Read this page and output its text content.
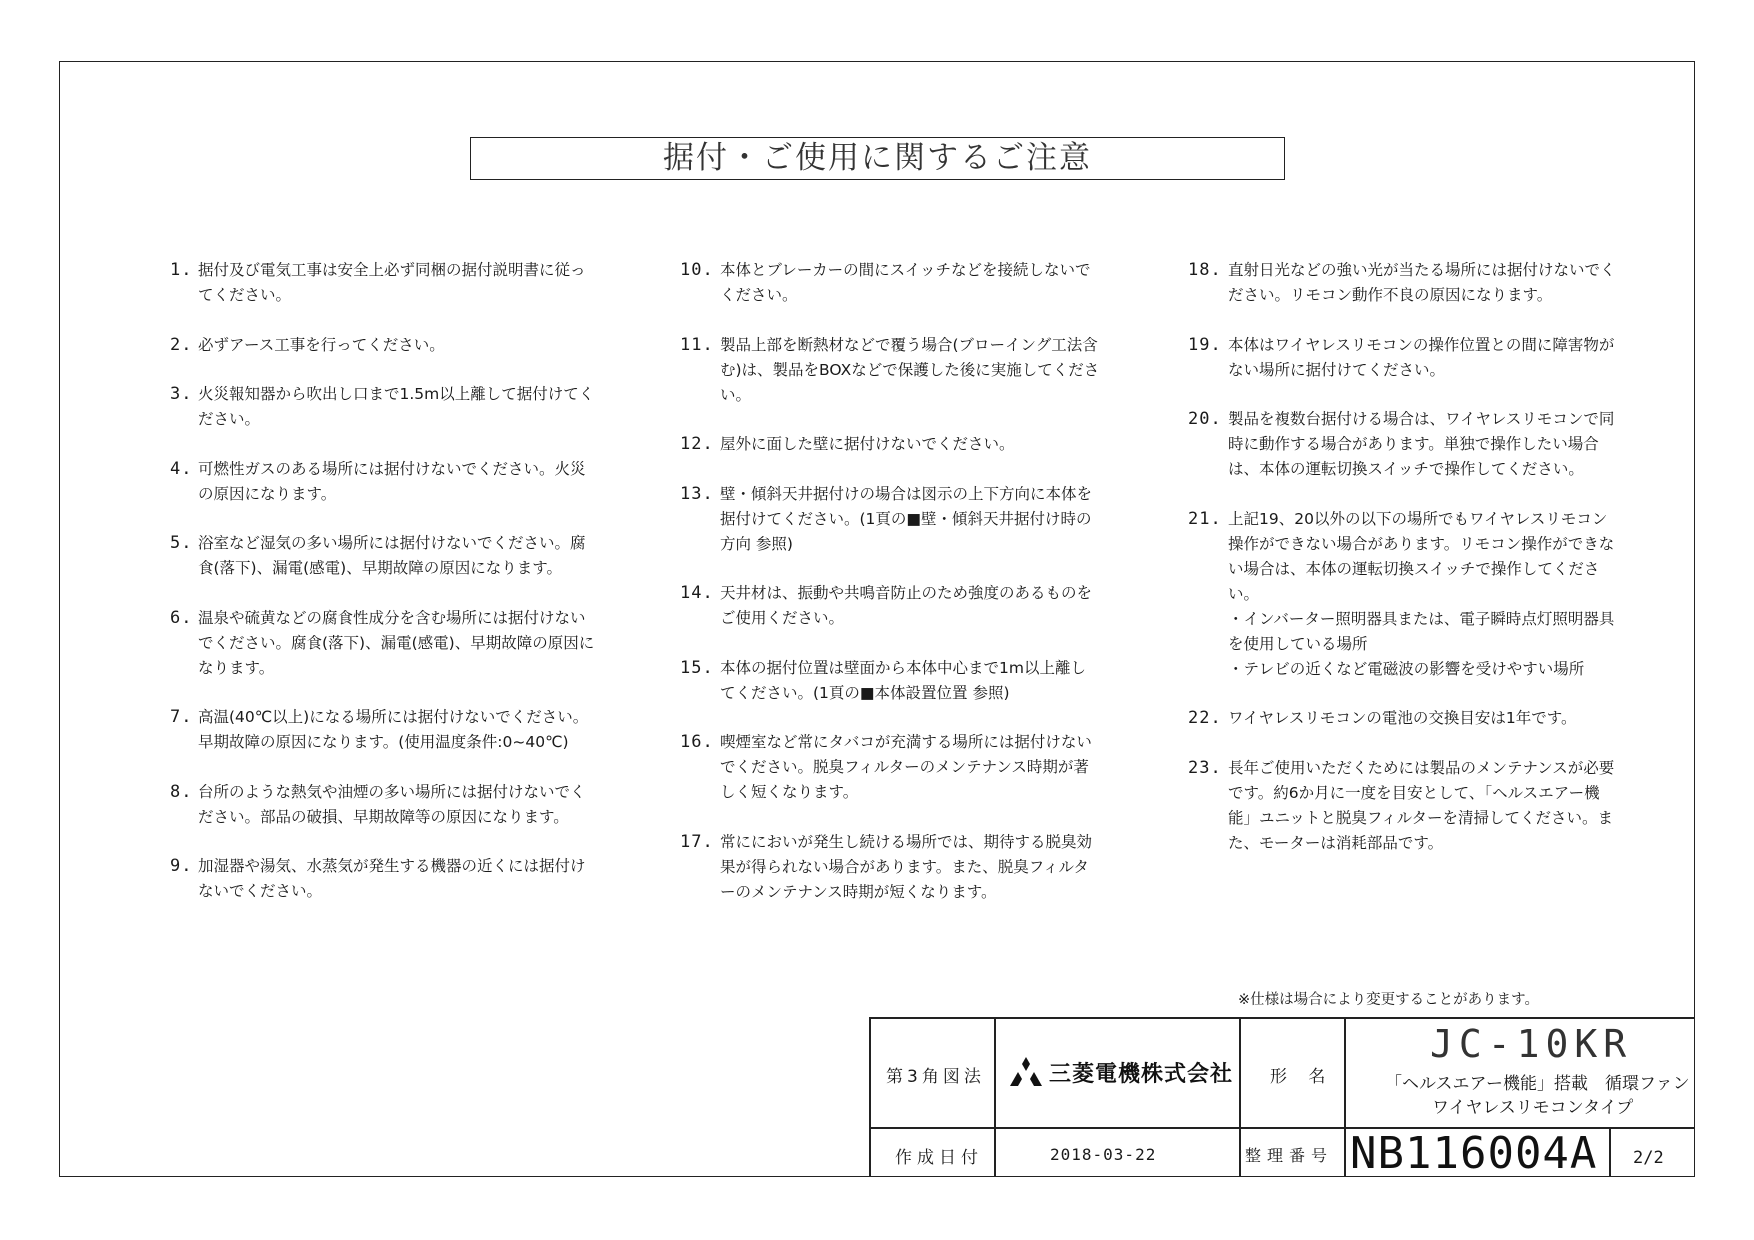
据付・ご使用に関するご注意
1. 据付及び電気工事は安全上必ず同梱の据付説明書に従ってください。
2. 必ずアース工事を行ってください。
3. 火災報知器から吹出し口まで1.5m以上離して据付けてください。
4. 可燃性ガスのある場所には据付けないでください。火災の原因になります。
5. 浴室など湿気の多い場所には据付けないでください。腐食(落下)、漏電(感電)、早期故障の原因になります。
6. 温泉や硫黄などの腐食性成分を含む場所には据付けないでください。腐食(落下)、漏電(感電)、早期故障の原因になります。
7. 高温(40℃以上)になる場所には据付けないでください。早期故障の原因になります。(使用温度条件:0~40℃)
8. 台所のような熱気や油煙の多い場所には据付けないでください。部品の破損、早期故障等の原因になります。
9. 加湿器や湯気、水蒸気が発生する機器の近くには据付けないでください。
10. 本体とブレーカーの間にスイッチなどを接続しないでください。
11. 製品上部を断熱材などで覆う場合(ブローイング工法含む)は、製品をBOXなどで保護した後に実施してください。
12. 屋外に面した壁に据付けないでください。
13. 壁・傾斜天井据付けの場合は図示の上下方向に本体を据付けてください。(1頁の■壁・傾斜天井据付け時の方向 参照)
14. 天井材は、振動や共鳴音防止のため強度のあるものをご使用ください。
15. 本体の据付位置は壁面から本体中心まで1m以上離してください。(1頁の■本体設置位置 参照)
16. 喫煙室など常にタバコが充満する場所には据付けないでください。脱臭フィルターのメンテナンス時期が著しく短くなります。
17. 常ににおいが発生し続ける場所では、期待する脱臭効果が得られない場合があります。また、脱臭フィルターのメンテナンス時期が短くなります。
18. 直射日光などの強い光が当たる場所には据付けないでください。リモコン動作不良の原因になります。
19. 本体はワイヤレスリモコンの操作位置との間に障害物がない場所に据付けてください。
20. 製品を複数台据付ける場合は、ワイヤレスリモコンで同時に動作する場合があります。単独で操作したい場合は、本体の運転切換スイッチで操作してください。
21. 上記19、20以外の以下の場所でもワイヤレスリモコン操作ができない場合があります。リモコン操作ができない場合は、本体の運転切換スイッチで操作してください。
・インバーター照明器具または、電子瞬時点灯照明器具を使用している場所
・テレビの近くなど電磁波の影響を受けやすい場所
22. ワイヤレスリモコンの電池の交換目安は1年です。
23. 長年ご使用いただくためには製品のメンテナンスが必要です。約6か月に一度を目安として、「ヘルスエアー機能」ユニットと脱臭フィルターを清掃してください。また、モーターは消耗部品です。
※仕様は場合により変更することがあります。
第3角図法	三菱電機株式会社 形 名
JC-10KR
「ヘルスエアー機能」搭載　循環ファン
ワイヤレスリモコンタイプ
作成日付	2018-03-22	整理番号 NB116004A 2/2
